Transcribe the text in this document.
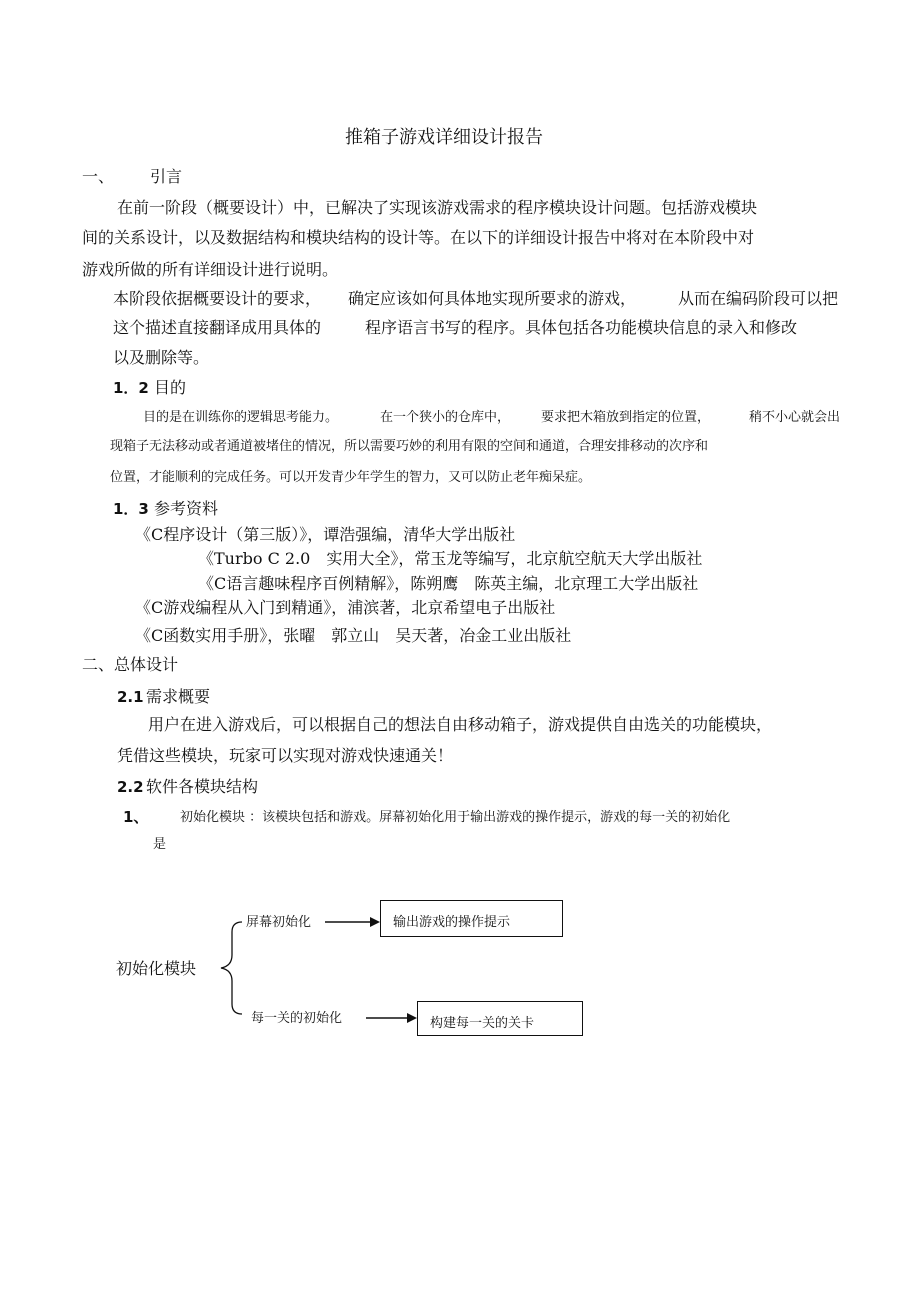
推箱子游戏详细设计报告
一、 引言
在前一阶段（概要设计）中，已解决了实现该游戏需求的程序模块设计问题。包括游戏模块
间的关系设计，以及数据结构和模块结构的设计等。在以下的详细设计报告中将对在本阶段中对
游戏所做的所有详细设计进行说明。
本阶段依据概要设计的要求， 确定应该如何具体地实现所要求的游戏，	从而在编码阶段可以把
这个描述直接翻译成用具体的	程序语言书写的程序。具体包括各功能模块信息的录入和修改
以及删除等。
1．2 目的
目的是在训练你的逻辑思考能力。	在一个狭小的仓库中， 要求把木箱放到指定的位置，	稍不小心就会出
现箱子无法移动或者通道被堵住的情况，所以需要巧妙的利用有限的空间和通道，合理安排移动的次序和
位置，才能顺利的完成任务。可以开发青少年学生的智力，又可以防止老年痴呆症。
1．3 参考资料
《C程序设计（第三版）》，谭浩强编，清华大学出版社
《Turbo C 2.0　实用大全》，常玉龙等编写，北京航空航天大学出版社
《C语言趣味程序百例精解》，陈朔鹰　陈英主编，北京理工大学出版社
《C游戏编程从入门到精通》，浦滨著，北京希望电子出版社
《C函数实用手册》，张曜　郭立山　吴天著，冶金工业出版社
二、总体设计
2.1 需求概要
用户在进入游戏后，可以根据自己的想法自由移动箱子，游戏提供自由选关的功能模块，
凭借这些模块，玩家可以实现对游戏快速通关！
2.2 软件各模块结构
1、 初始化模块 ：该模块包括和游戏。屏幕初始化用于输出游戏的操作提示，游戏的每一关的初始化
是
初始化模块
屏幕初始化
每一关的初始化
输出游戏的操作提示
构建每一关的关卡
